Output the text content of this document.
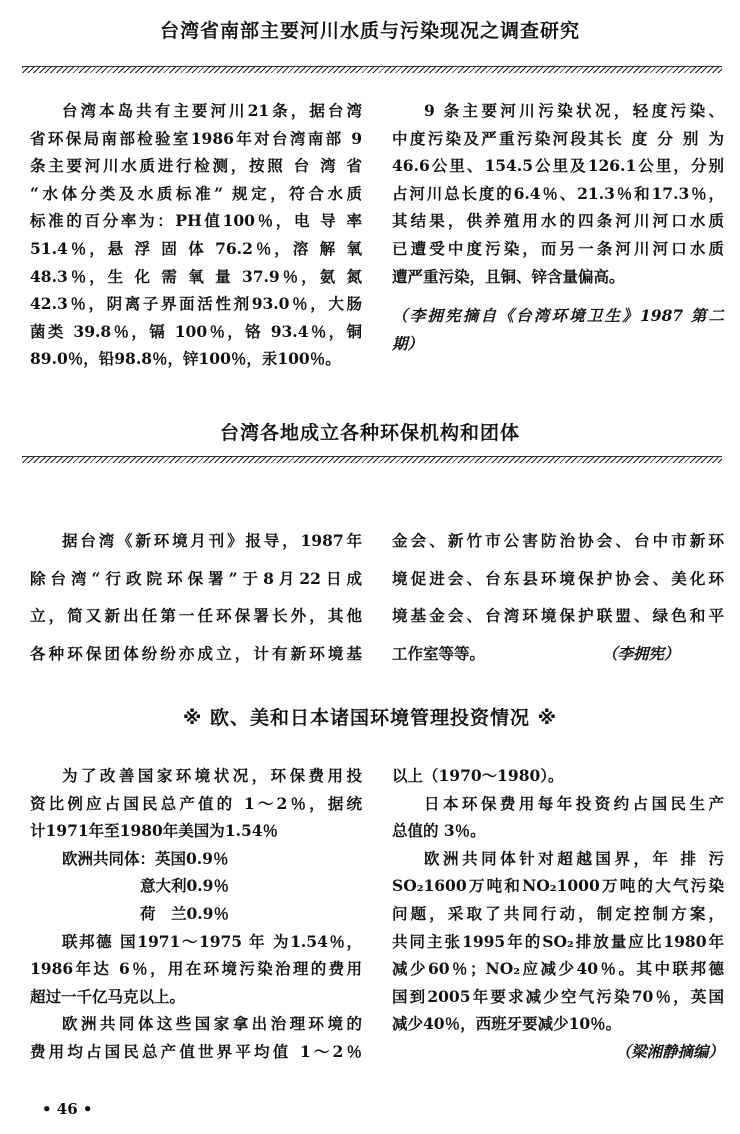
台湾省南部主要河川水质与污染现况之调查研究
台湾本岛共有主要河川21条，据台湾
省环保局南部检验室1986年对台湾南部 9
条主要河川水质进行检测，按照 台 湾 省
“水体分类及水质标准” 规定，符合水质
标准的百分率为：PH值100％，电 导 率
51.4％，悬 浮 固 体 76.2％，溶 解 氧
48.3％，生 化 需 氧 量 37.9％，氨 氮
42.3％，阴离子界面活性剂93.0％，大肠
菌类 39.8％，镉 100％，铬 93.4％，铜
89.0％，铅98.8％，锌100％，汞100％。
9 条主要河川污染状况，轻度污染、
中度污染及严重污染河段其长 度 分 别 为
46.6公里、154.5公里及126.1公里，分别
占河川总长度的6.4％、21.3％和17.3％，
其结果，供养殖用水的四条河川河口水质
已遭受中度污染，而另一条河川河口水质
遭严重污染，且铜、锌含量偏高。
（李拥宪摘自《台湾环境卫生》1987 第二
期）
台湾各地成立各种环保机构和团体
据台湾《新环境月刊》报导，1987年
除台湾“行政院环保署”于8月22日成
立，简又新出任第一任环保署长外，其他
各种环保团体纷纷亦成立，计有新环境基
金会、新竹市公害防治协会、台中市新环
境促进会、台东县环境保护协会、美化环
境基金会、台湾环境保护联盟、绿色和平
工作室等等。	（李拥宪）
※ 欧、美和日本诸国环境管理投资情况 ※
为了改善国家环境状况，环保费用投
资比例应占国民总产值的 1～2％，据统
计1971年至1980年美国为1.54％
欧洲共同体：英国0.9％
意大利0.9％
荷　兰0.9％
联邦德 国1971～1975 年 为1.54％，
1986年达 6％，用在环境污染治理的费用
超过一千亿马克以上。
欧洲共同体这些国家拿出治理环境的
费用均占国民总产值世界平均值 1～2％
以上（1970～1980）。
日本环保费用每年投资约占国民生产
总值的 3％。
欧洲共同体针对超越国界，年 排 污
SO₂1600万吨和NO₂1000万吨的大气污染
问题，采取了共同行动，制定控制方案，
共同主张1995年的SO₂排放量应比1980年
减少60％；NO₂应减少40％。其中联邦德
国到2005年要求减少空气污染70％，英国
减少40％，西班牙要减少10％。
（梁湘静摘编）
• 46 •
